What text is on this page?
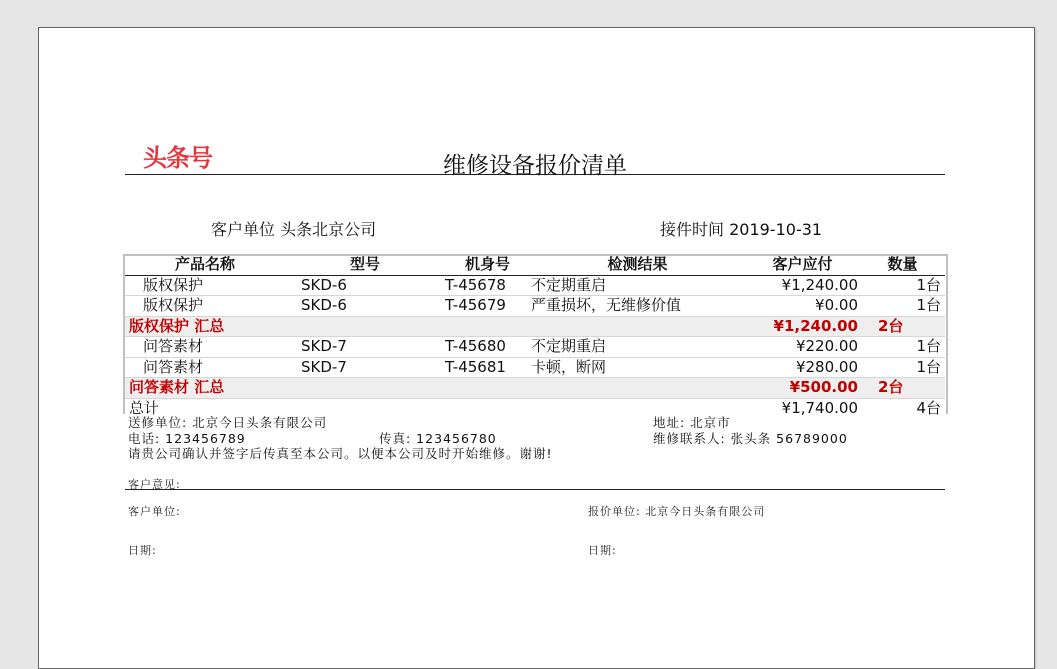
头条号	维修设备报价清单
客户单位 头条北京公司	接件时间 2019-10-31
产品名称	型号	机身号	检测结果	客户应付	数量
版权保护	SKD-6	T-45678	不定期重启	¥1,240.00	1台
版权保护	SKD-6	T-45679	严重损坏，无维修价值	¥0.00	1台
版权保护 汇总				¥1,240.00	2台
问答素材	SKD-7	T-45680	不定期重启	¥220.00	1台
问答素材	SKD-7	T-45681	卡顿，断网	¥280.00	1台
问答素材 汇总				¥500.00	2台
总计				¥1,740.00	4台
送修单位: 北京今日头条有限公司	地址: 北京市
电话: 123456789	传真: 123456780	维修联系人: 张头条 56789000
请贵公司确认并签字后传真至本公司。以便本公司及时开始维修。谢谢!
客户意见:
客户单位:	报价单位: 北京今日头条有限公司
日期:	日期:
